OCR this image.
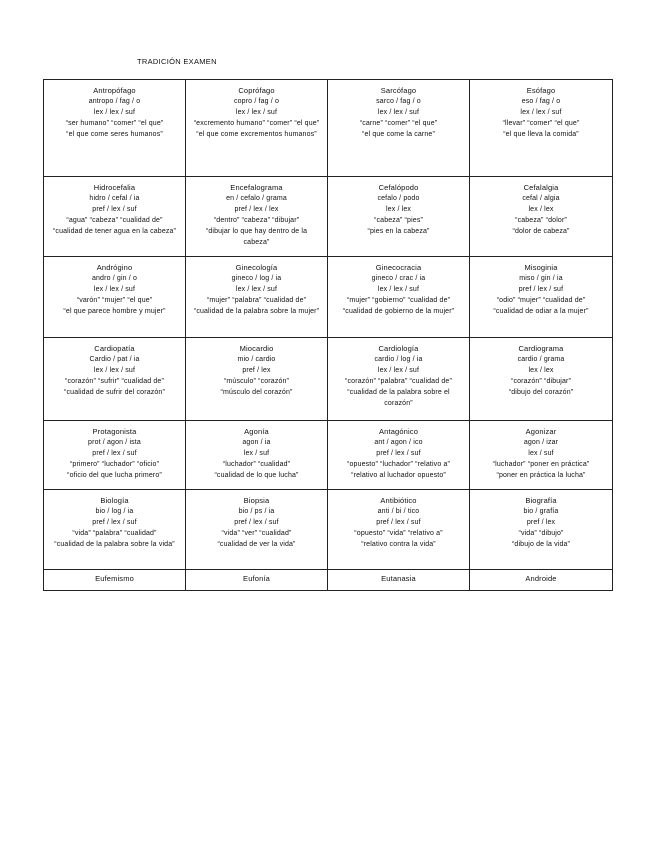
TRADICIÓN EXAMEN
Antropófago
antropo / fag / o
lex / lex / suf
“ser humano” “comer” “el que”
“el que come seres humanos”	Coprófago
copro / fag / o
lex / lex / suf
“excremento humano” “comer” “el que”
“el que come excrementos humanos”	Sarcófago
sarco / fag / o
lex / lex / suf
“carne” “comer” “el que”
“el que come la carne”	Esófago
eso / fag / o
lex / lex / suf
“llevar” “comer” “el que”
“el que lleva la comida”

Hidrocefalia
hidro / cefal / ia
pref / lex / suf
“agua” “cabeza” “cualidad de”
“cualidad de tener agua en la cabeza”	Encefalograma
en / cefalo / grama
pref / lex / lex
“dentro” “cabeza” “dibujar”
“dibujar lo que hay dentro de la cabeza”	Cefalópodo
cefalo / podo
lex / lex
“cabeza” “pies”
“pies en la cabeza”	Cefalalgia
cefal / algia
lex / lex
“cabeza” “dolor”
“dolor de cabeza”

Andrógino
andro / gin / o
lex / lex / suf
“varón” “mujer” “el que”
“el que parece hombre y mujer”	Ginecología
gineco / log / ia
lex / lex / suf
“mujer” “palabra” “cualidad de”
“cualidad de la palabra sobre la mujer”	Ginecocracia
gineco / crac / ia
lex / lex / suf
“mujer” “gobierno” “cualidad de”
“cualidad de gobierno de la mujer”	Misoginia
miso / gin / ia
pref / lex / suf
“odio” “mujer” “cualidad de”
“cualidad de odiar a la mujer”

Cardiopatía
Cardio / pat / ia
lex / lex / suf
“corazón” “sufrir” “cualidad de”
“cualidad de sufrir del corazón”	Miocardio
mio / cardio
pref / lex
“músculo” “corazón”
“músculo del corazón”	Cardiología
cardio / log / ia
lex / lex / suf
“corazón” “palabra” “cualidad de”
“cualidad de la palabra sobre el corazón”	Cardiograma
cardio / grama
lex / lex
“corazón” “dibujar”
“dibujo del corazón”

Protagonista
prot / agon / ista
pref / lex / suf
“primero” “luchador” “oficio”
“oficio del que lucha primero”	Agonía
agon / ia
lex / suf
“luchador” “cualidad”
“cualidad de lo que lucha”	Antagónico
ant / agon / ico
pref / lex / suf
“opuesto” “luchador” “relativo a”
“relativo al luchador opuesto”	Agonizar
agon / izar
lex / suf
“luchador” “poner en práctica”
“poner en práctica la lucha”

Biología
bio / log / ia
pref / lex / suf
“vida” “palabra” “cualidad”
“cualidad de la palabra sobre la vida”	Biopsia
bio / ps / ia
pref / lex / suf
“vida” “ver” “cualidad”
“cualidad de ver la vida”	Antibiótico
anti / bi / tico
pref / lex / suf
“opuesto” “vida” “relativo a”
“relativo contra la vida”	Biografía
bio / grafía
pref / lex
“vida” “dibujo”
“dibujo de la vida”

Eufemismo	Eufonía	Eutanasia	Androide
